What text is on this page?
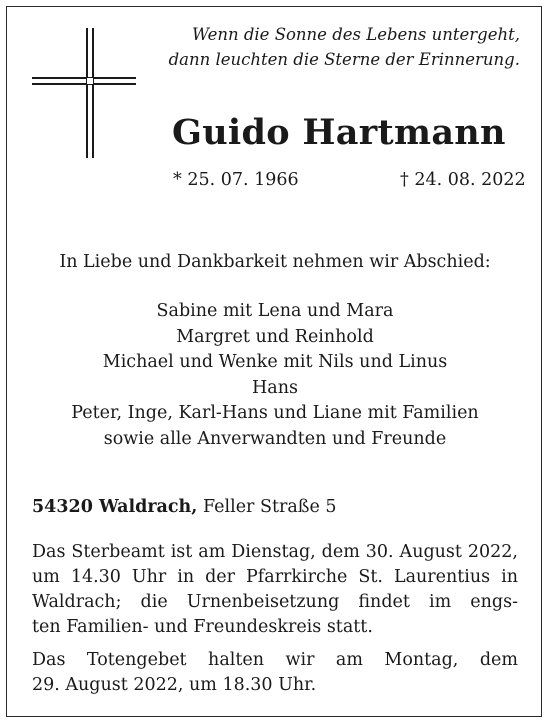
Wenn die Sonne des Lebens untergeht,
dann leuchten die Sterne der Erinnerung.
Guido Hartmann
* 25. 07. 1966	† 24. 08. 2022
In Liebe und Dankbarkeit nehmen wir Abschied:
Sabine mit Lena und Mara
Margret und Reinhold
Michael und Wenke mit Nils und Linus
Hans
Peter, Inge, Karl-Hans und Liane mit Familien
sowie alle Anverwandten und Freunde
54320 Waldrach, Feller Straße 5
Das Sterbeamt ist am Dienstag, dem 30. August 2022,
um 14.30 Uhr in der Pfarrkirche St. Laurentius in
Waldrach; die Urnenbeisetzung findet im engs-
ten Familien- und Freundeskreis statt.
Das Totengebet halten wir am Montag, dem
29. August 2022, um 18.30 Uhr.
